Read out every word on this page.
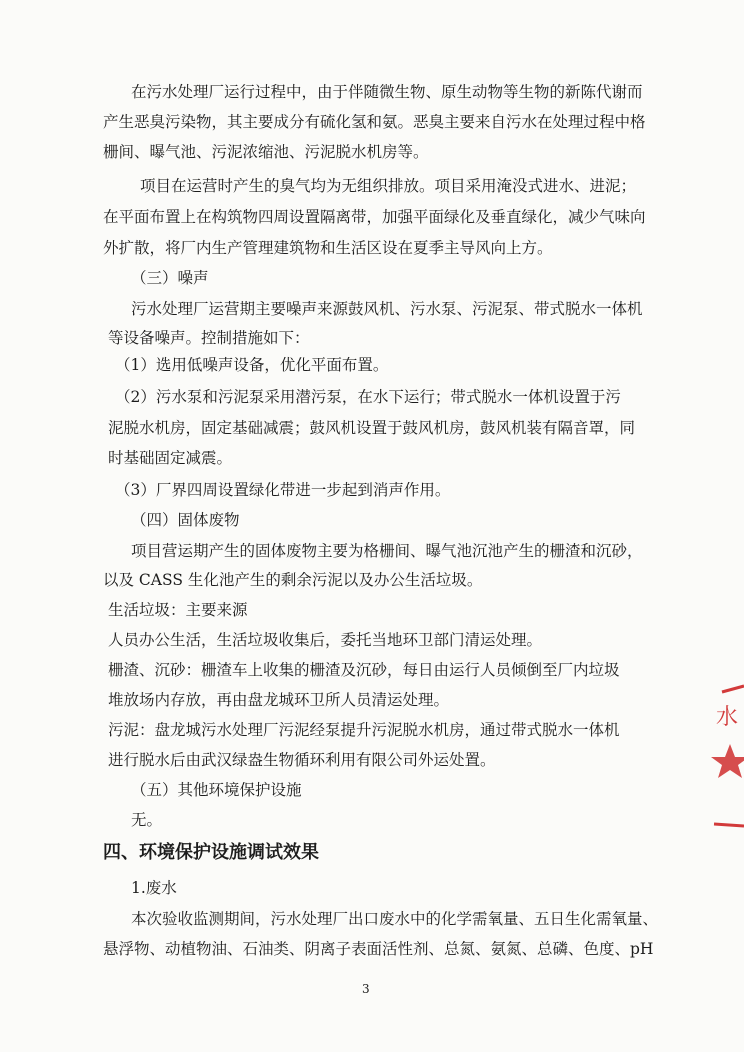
在污水处理厂运行过程中，由于伴随微生物、原生动物等生物的新陈代谢而
产生恶臭污染物，其主要成分有硫化氢和氨。恶臭主要来自污水在处理过程中格
栅间、曝气池、污泥浓缩池、污泥脱水机房等。
项目在运营时产生的臭气均为无组织排放。项目采用淹没式进水、进泥；
在平面布置上在构筑物四周设置隔离带，加强平面绿化及垂直绿化，减少气味向
外扩散，将厂内生产管理建筑物和生活区设在夏季主导风向上方。
（三）噪声
污水处理厂运营期主要噪声来源鼓风机、污水泵、污泥泵、带式脱水一体机
等设备噪声。控制措施如下：
（1）选用低噪声设备，优化平面布置。
（2）污水泵和污泥泵采用潜污泵，在水下运行；带式脱水一体机设置于污
泥脱水机房，固定基础减震；鼓风机设置于鼓风机房，鼓风机装有隔音罩，同
时基础固定减震。
（3）厂界四周设置绿化带进一步起到消声作用。
（四）固体废物
项目营运期产生的固体废物主要为格栅间、曝气池沉池产生的栅渣和沉砂，
以及 CASS 生化池产生的剩余污泥以及办公生活垃圾。
生活垃圾：主要来源
人员办公生活，生活垃圾收集后，委托当地环卫部门清运处理。
栅渣、沉砂：栅渣车上收集的栅渣及沉砂，每日由运行人员倾倒至厂内垃圾
堆放场内存放，再由盘龙城环卫所人员清运处理。
污泥：盘龙城污水处理厂污泥经泵提升污泥脱水机房，通过带式脱水一体机
进行脱水后由武汉绿盎生物循环利用有限公司外运处置。
（五）其他环境保护设施
无。
四、环境保护设施调试效果
1.废水
本次验收监测期间，污水处理厂出口废水中的化学需氧量、五日生化需氧量、
悬浮物、动植物油、石油类、阴离子表面活性剂、总氮、氨氮、总磷、色度、pH
3
水
